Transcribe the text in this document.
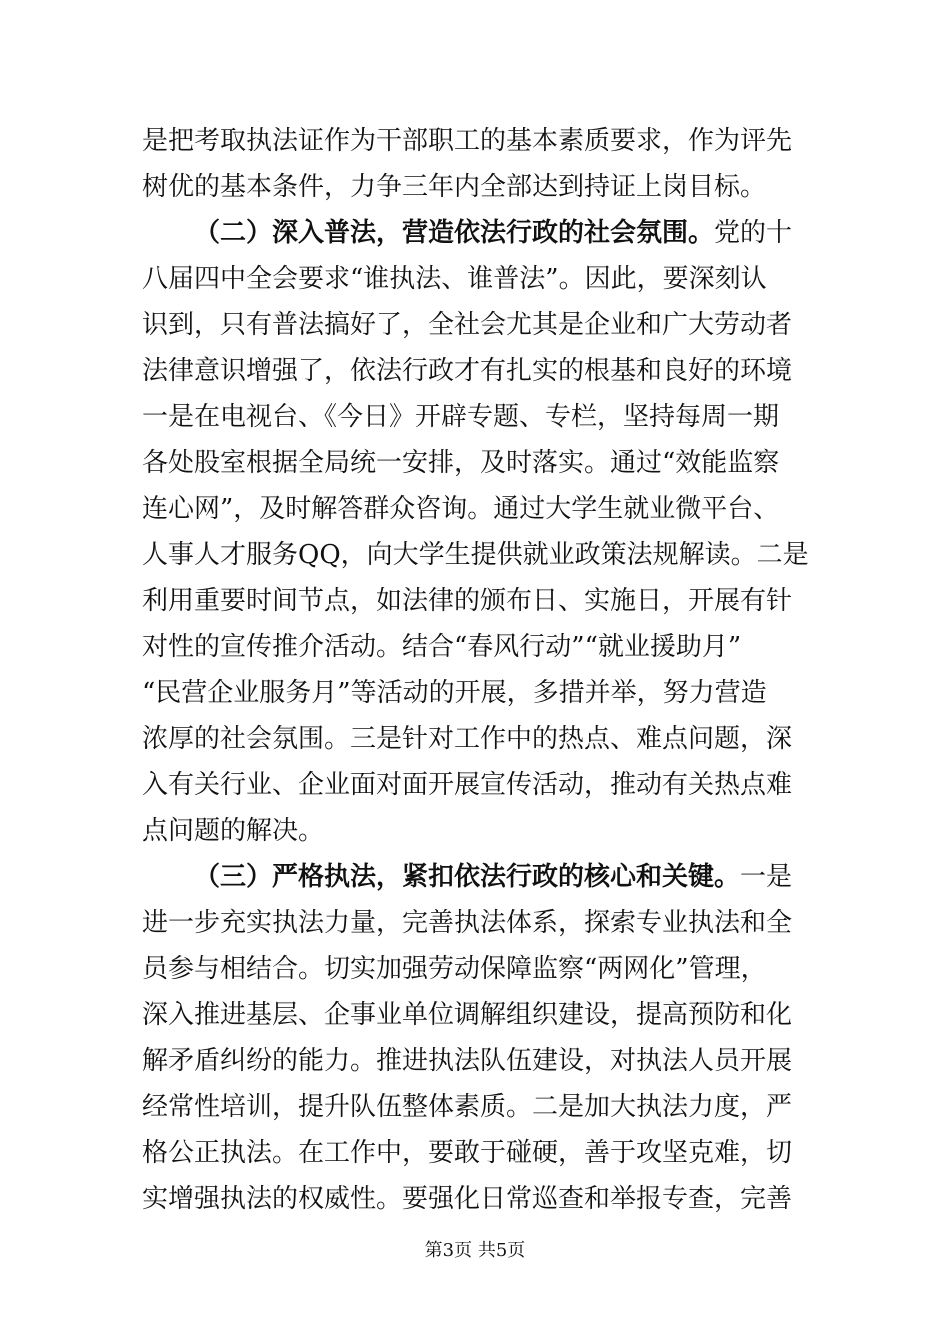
是把考取执法证作为干部职工的基本素质要求，作为评先
树优的基本条件，力争三年内全部达到持证上岗目标。
（二）深入普法，营造依法行政的社会氛围。党的十
八届四中全会要求“谁执法、谁普法”。因此，要深刻认
识到，只有普法搞好了，全社会尤其是企业和广大劳动者
法律意识增强了，依法行政才有扎实的根基和良好的环境
一是在电视台、《今日》开辟专题、专栏，坚持每周一期
各处股室根据全局统一安排，及时落实。通过“效能监察
连心网”，及时解答群众咨询。通过大学生就业微平台、
人事人才服务QQ，向大学生提供就业政策法规解读。二是
利用重要时间节点，如法律的颁布日、实施日，开展有针
对性的宣传推介活动。结合“春风行动”“就业援助月”
“民营企业服务月”等活动的开展，多措并举，努力营造
浓厚的社会氛围。三是针对工作中的热点、难点问题，深
入有关行业、企业面对面开展宣传活动，推动有关热点难
点问题的解决。
（三）严格执法，紧扣依法行政的核心和关键。一是
进一步充实执法力量，完善执法体系，探索专业执法和全
员参与相结合。切实加强劳动保障监察“两网化”管理，
深入推进基层、企事业单位调解组织建设，提高预防和化
解矛盾纠纷的能力。推进执法队伍建设，对执法人员开展
经常性培训，提升队伍整体素质。二是加大执法力度，严
格公正执法。在工作中，要敢于碰硬，善于攻坚克难，切
实增强执法的权威性。要强化日常巡查和举报专查，完善
第3页 共5页
